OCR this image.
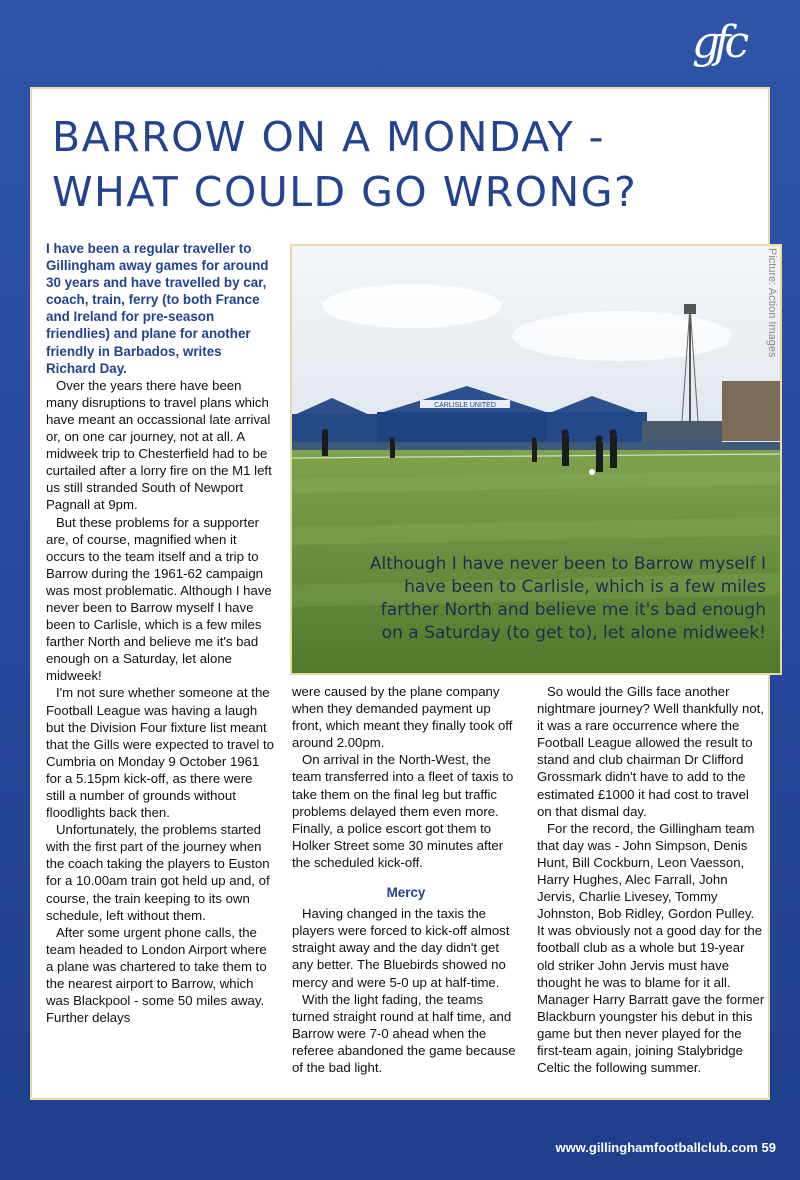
gfc
BARROW ON A MONDAY -
WHAT COULD GO WRONG?

I have been a regular traveller to Gillingham away games for around 30 years and have travelled by car, coach, train, ferry (to both France and Ireland for pre-season friendlies) and plane for another friendly in Barbados, writes Richard Day.

Over the years there have been many disruptions to travel plans which have meant an occassional late arrival or, on one car journey, not at all. A midweek trip to Chesterfield had to be curtailed after a lorry fire on the M1 left us still stranded South of Newport Pagnall at 9pm.

But these problems for a supporter are, of course, magnified when it occurs to the team itself and a trip to Barrow during the 1961-62 campaign was most problematic. Although I have never been to Barrow myself I have been to Carlisle, which is a few miles farther North and believe me it's bad enough on a Saturday, let alone midweek!

I'm not sure whether someone at the Football League was having a laugh but the Division Four fixture list meant that the Gills were expected to travel to Cumbria on Monday 9 October 1961 for a 5.15pm kick-off, as there were still a number of grounds without floodlights back then.

Unfortunately, the problems started with the first part of the journey when the coach taking the players to Euston for a 10.00am train got held up and, of course, the train keeping to its own schedule, left without them.

After some urgent phone calls, the team headed to London Airport where a plane was chartered to take them to the nearest airport to Barrow, which was Blackpool - some 50 miles away. Further delays

CARLISLE UNITED
Picture: Action Images
Although I have never been to Barrow myself I have been to Carlisle, which is a few miles farther North and believe me it's bad enough on a Saturday (to get to), let alone midweek!

were caused by the plane company when they demanded payment up front, which meant they finally took off around 2.00pm.

On arrival in the North-West, the team transferred into a fleet of taxis to take them on the final leg but traffic problems delayed them even more. Finally, a police escort got them to Holker Street some 30 minutes after the scheduled kick-off.

Mercy

Having changed in the taxis the players were forced to kick-off almost straight away and the day didn't get any better. The Bluebirds showed no mercy and were 5-0 up at half-time.

With the light fading, the teams turned straight round at half time, and Barrow were 7-0 ahead when the referee abandoned the game because of the bad light.

So would the Gills face another nightmare journey? Well thankfully not, it was a rare occurrence where the Football League allowed the result to stand and club chairman Dr Clifford Grossmark didn't have to add to the estimated £1000 it had cost to travel on that dismal day.

For the record, the Gillingham team that day was - John Simpson, Denis Hunt, Bill Cockburn, Leon Vaesson, Harry Hughes, Alec Farrall, John Jervis, Charlie Livesey, Tommy Johnston, Bob Ridley, Gordon Pulley. It was obviously not a good day for the football club as a whole but 19-year old striker John Jervis must have thought he was to blame for it all. Manager Harry Barratt gave the former Blackburn youngster his debut in this game but then never played for the first-team again, joining Stalybridge Celtic the following summer.

www.gillinghamfootballclub.com 59
